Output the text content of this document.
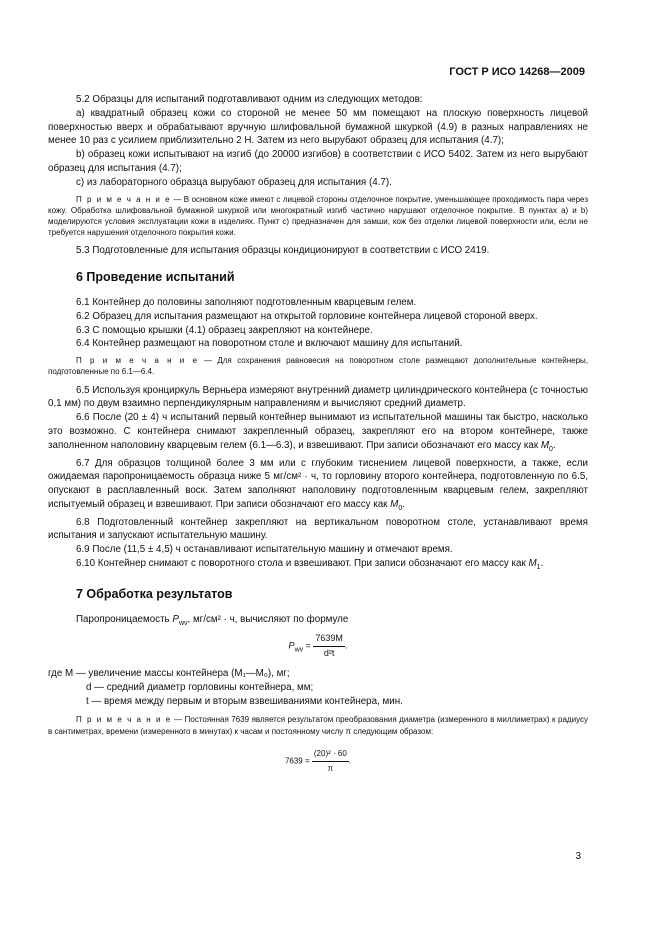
ГОСТ Р ИСО 14268—2009

5.2 Образцы для испытаний подготавливают одним из следующих методов:

а) квадратный образец кожи со стороной не менее 50 мм помещают на плоскую поверхность лицевой поверхностью вверх и обрабатывают вручную шлифовальной бумажной шкуркой (4.9) в разных направлениях не менее 10 раз с усилием приблизительно 2 Н. Затем из него вырубают образец для испытания (4.7);

b) образец кожи испытывают на изгиб (до 20000 изгибов) в соответствии с ИСО 5402. Затем из него вырубают образец для испытания (4.7);

с) из лабораторного образца вырубают образец для испытания (4.7).

П р и м е ч а н и е — В основном коже имеют с лицевой стороны отделочное покрытие, уменьшающее проходимость пара через кожу. Обработка шлифовальной бумажной шкуркой или многократный изгиб частично нарушают отделочное покрытие. В пунктах а) и b) моделируются условия эксплуатации кожи в изделиях. Пункт с) предназначен для замши, кож без отделки лицевой поверхности или, если не требуется нарушения отделочного покрытия кожи.

5.3 Подготовленные для испытания образцы кондиционируют в соответствии с ИСО 2419.

6 Проведение испытаний

6.1 Контейнер до половины заполняют подготовленным кварцевым гелем.

6.2 Образец для испытания размещают на открытой горловине контейнера лицевой стороной вверх.

6.3 С помощью крышки (4.1) образец закрепляют на контейнере.

6.4 Контейнер размещают на поворотном столе и включают машину для испытаний.

П р и м е ч а н и е — Для сохранения равновесия на поворотном столе размещают дополнительные контейнеры, подготовленные по 6.1—6.4.

6.5 Используя кронциркуль Верньера измеряют внутренний диаметр цилиндрического контейнера (с точностью 0,1 мм) по двум взаимно перпендикулярным направлениям и вычисляют средний диаметр.

6.6 После (20 ± 4) ч испытаний первый контейнер вынимают из испытательной машины так быстро, насколько это возможно. С контейнера снимают закрепленный образец, закрепляют его на втором контейнере, также заполненном наполовину кварцевым гелем (6.1—6.3), и взвешивают. При записи обозначают его массу как $M_0$.

6.7 Для образцов толщиной более 3 мм или с глубоким тиснением лицевой поверхности, а также, если ожидаемая паропроницаемость образца ниже 5 мг/см² · ч, то горловину второго контейнера, подготовленную по 6.5, опускают в расплавленный воск. Затем заполняют наполовину подготовленным кварцевым гелем, закрепляют испытуемый образец и взвешивают. При записи обозначают его массу как $M_0$.

6.8 Подготовленный контейнер закрепляют на вертикальном поворотном столе, устанавливают время испытания и запускают испытательную машину.

6.9 После (11,5 ± 4,5) ч останавливают испытательную машину и отмечают время.

6.10 Контейнер снимают с поворотного стола и взвешивают. При записи обозначают его массу как $M_1$.

7 Обработка результатов

Паропроницаемость $P_{wv}$, мг/см² · ч, вычисляют по формуле

$P_{wv} = \frac{7639M}{\text{d²t}}$ .

где M — увеличение массы контейнера (M₁—M₀), мг;

d — средний диаметр горловины контейнера, мм;

t — время между первым и вторым взвешиваниями контейнера, мин.

П р и м е ч а н и е — Постоянная 7639 является результатом преобразования диаметра (измеренного в миллиметрах) к радиусу в сантиметрах, времени (измеренного в минутах) к часам и постоянному числу π следующим образом:

$7639 = \frac{\text{(20)² · 60}}{\pi}$ .
3
